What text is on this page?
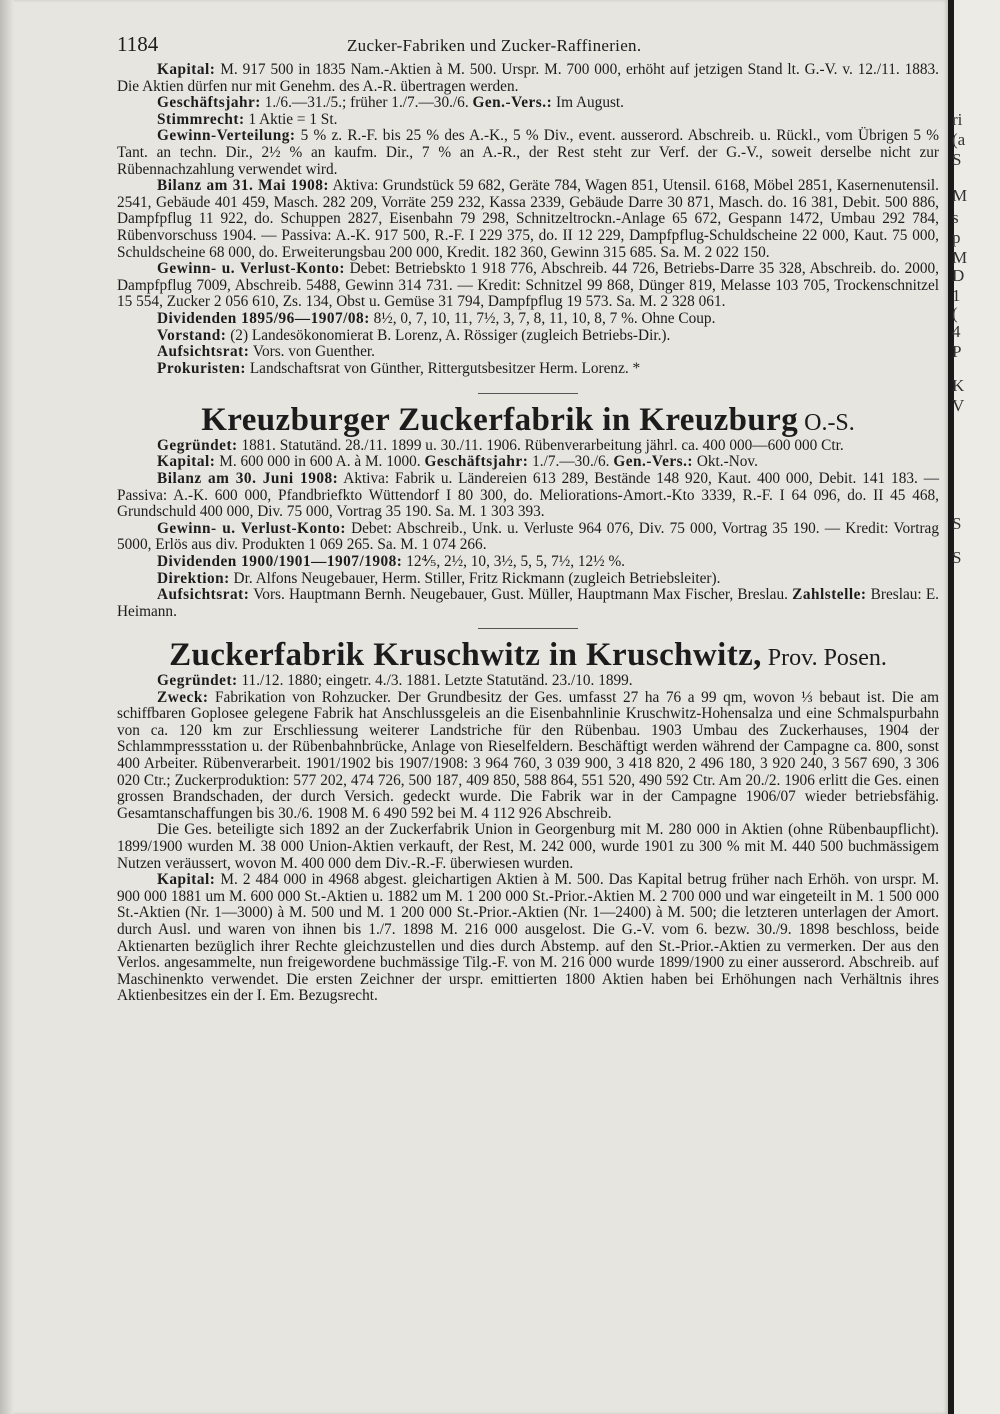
ri
(a
S
M
s
p
M
D
1
(
4
P
K
V
S
S
1184	Zucker-Fabriken und Zucker-Raffinerien.

Kapital: M. 917 500 in 1835 Nam.-Aktien à M. 500. Urspr. M. 700 000, erhöht auf jetzigen Stand lt. G.-V. v. 12./11. 1883. Die Aktien dürfen nur mit Genehm. des A.-R. übertragen werden.

Geschäftsjahr: 1./6.—31./5.; früher 1./7.—30./6. Gen.-Vers.: Im August.

Stimmrecht: 1 Aktie = 1 St.

Gewinn-Verteilung: 5 % z. R.-F. bis 25 % des A.-K., 5 % Div., event. ausserord. Abschreib. u. Rückl., vom Übrigen 5 % Tant. an techn. Dir., 2½ % an kaufm. Dir., 7 % an A.-R., der Rest steht zur Verf. der G.-V., soweit derselbe nicht zur Rübennachzahlung verwendet wird.

Bilanz am 31. Mai 1908: Aktiva: Grundstück 59 682, Geräte 784, Wagen 851, Utensil. 6168, Möbel 2851, Kasernenutensil. 2541, Gebäude 401 459, Masch. 282 209, Vorräte 259 232, Kassa 2339, Gebäude Darre 30 871, Masch. do. 16 381, Debit. 500 886, Dampfpflug 11 922, do. Schuppen 2827, Eisenbahn 79 298, Schnitzeltrockn.-Anlage 65 672, Gespann 1472, Umbau 292 784, Rübenvorschuss 1904. — Passiva: A.-K. 917 500, R.-F. I 229 375, do. II 12 229, Dampfpflug-Schuldscheine 22 000, Kaut. 75 000, Schuldscheine 68 000, do. Erweiterungsbau 200 000, Kredit. 182 360, Gewinn 315 685. Sa. M. 2 022 150.

Gewinn- u. Verlust-Konto: Debet: Betriebskto 1 918 776, Abschreib. 44 726, Betriebs-Darre 35 328, Abschreib. do. 2000, Dampfpflug 7009, Abschreib. 5488, Gewinn 314 731. — Kredit: Schnitzel 99 868, Dünger 819, Melasse 103 705, Trockenschnitzel 15 554, Zucker 2 056 610, Zs. 134, Obst u. Gemüse 31 794, Dampfpflug 19 573. Sa. M. 2 328 061.

Dividenden 1895/96—1907/08: 8½, 0, 7, 10, 11, 7½, 3, 7, 8, 11, 10, 8, 7 %. Ohne Coup.

Vorstand: (2) Landesökonomierat B. Lorenz, A. Rössiger (zugleich Betriebs-Dir.).

Aufsichtsrat: Vors. von Guenther.

Prokuristen: Landschaftsrat von Günther, Rittergutsbesitzer Herm. Lorenz. *

Kreuzburger Zuckerfabrik in Kreuzburg O.-S.

Gegründet: 1881. Statutänd. 28./11. 1899 u. 30./11. 1906. Rübenverarbeitung jährl. ca. 400 000—600 000 Ctr.

Kapital: M. 600 000 in 600 A. à M. 1000. Geschäftsjahr: 1./7.—30./6. Gen.-Vers.: Okt.-Nov.

Bilanz am 30. Juni 1908: Aktiva: Fabrik u. Ländereien 613 289, Bestände 148 920, Kaut. 400 000, Debit. 141 183. — Passiva: A.-K. 600 000, Pfandbriefkto Wüttendorf I 80 300, do. Meliorations-Amort.-Kto 3339, R.-F. I 64 096, do. II 45 468, Grundschuld 400 000, Div. 75 000, Vortrag 35 190. Sa. M. 1 303 393.

Gewinn- u. Verlust-Konto: Debet: Abschreib., Unk. u. Verluste 964 076, Div. 75 000, Vortrag 35 190. — Kredit: Vortrag 5000, Erlös aus div. Produkten 1 069 265. Sa. M. 1 074 266.

Dividenden 1900/1901—1907/1908: 12⅘, 2½, 10, 3½, 5, 5, 7½, 12½ %.

Direktion: Dr. Alfons Neugebauer, Herm. Stiller, Fritz Rickmann (zugleich Betriebsleiter).

Aufsichtsrat: Vors. Hauptmann Bernh. Neugebauer, Gust. Müller, Hauptmann Max Fischer, Breslau. Zahlstelle: Breslau: E. Heimann.

Zuckerfabrik Kruschwitz in Kruschwitz, Prov. Posen.

Gegründet: 11./12. 1880; eingetr. 4./3. 1881. Letzte Statutänd. 23./10. 1899.

Zweck: Fabrikation von Rohzucker. Der Grundbesitz der Ges. umfasst 27 ha 76 a 99 qm, wovon ⅓ bebaut ist. Die am schiffbaren Goplosee gelegene Fabrik hat Anschlussgeleis an die Eisenbahnlinie Kruschwitz-Hohensalza und eine Schmalspurbahn von ca. 120 km zur Erschliessung weiterer Landstriche für den Rübenbau. 1903 Umbau des Zuckerhauses, 1904 der Schlammpressstation u. der Rübenbahnbrücke, Anlage von Rieselfeldern. Beschäftigt werden während der Campagne ca. 800, sonst 400 Arbeiter. Rübenverarbeit. 1901/1902 bis 1907/1908: 3 964 760, 3 039 900, 3 418 820, 2 496 180, 3 920 240, 3 567 690, 3 306 020 Ctr.; Zuckerproduktion: 577 202, 474 726, 500 187, 409 850, 588 864, 551 520, 490 592 Ctr. Am 20./2. 1906 erlitt die Ges. einen grossen Brandschaden, der durch Versich. gedeckt wurde. Die Fabrik war in der Campagne 1906/07 wieder betriebsfähig. Gesamtanschaffungen bis 30./6. 1908 M. 6 490 592 bei M. 4 112 926 Abschreib.

Die Ges. beteiligte sich 1892 an der Zuckerfabrik Union in Georgenburg mit M. 280 000 in Aktien (ohne Rübenbaupflicht). 1899/1900 wurden M. 38 000 Union-Aktien verkauft, der Rest, M. 242 000, wurde 1901 zu 300 % mit M. 440 500 buchmässigem Nutzen veräussert, wovon M. 400 000 dem Div.-R.-F. überwiesen wurden.

Kapital: M. 2 484 000 in 4968 abgest. gleichartigen Aktien à M. 500. Das Kapital betrug früher nach Erhöh. von urspr. M. 900 000 1881 um M. 600 000 St.-Aktien u. 1882 um M. 1 200 000 St.-Prior.-Aktien M. 2 700 000 und war eingeteilt in M. 1 500 000 St.-Aktien (Nr. 1—3000) à M. 500 und M. 1 200 000 St.-Prior.-Aktien (Nr. 1—2400) à M. 500; die letzteren unterlagen der Amort. durch Ausl. und waren von ihnen bis 1./7. 1898 M. 216 000 ausgelost. Die G.-V. vom 6. bezw. 30./9. 1898 beschloss, beide Aktienarten bezüglich ihrer Rechte gleichzustellen und dies durch Abstemp. auf den St.-Prior.-Aktien zu vermerken. Der aus den Verlos. angesammelte, nun freigewordene buchmässige Tilg.-F. von M. 216 000 wurde 1899/1900 zu einer ausserord. Abschreib. auf Maschinenkto verwendet. Die ersten Zeichner der urspr. emittierten 1800 Aktien haben bei Erhöhungen nach Verhältnis ihres Aktienbesitzes ein der I. Em. Bezugsrecht.
